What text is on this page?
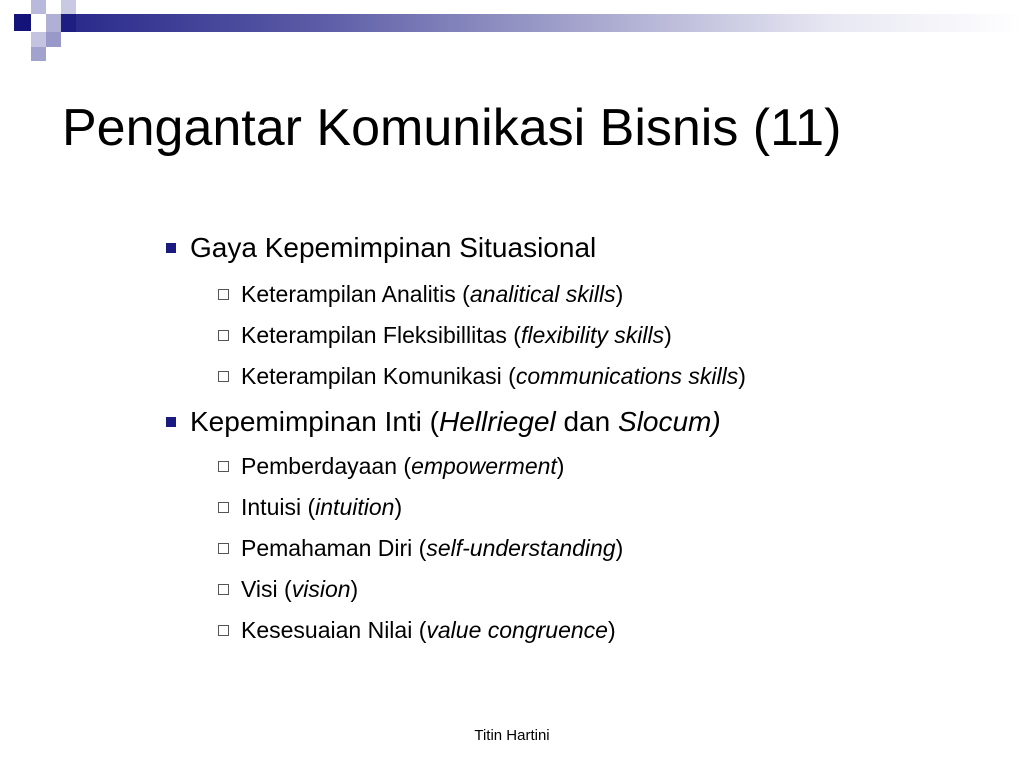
Pengantar Komunikasi Bisnis (11)
Gaya Kepemimpinan Situasional
Keterampilan Analitis (analitical skills)
Keterampilan Fleksibillitas (flexibility skills)
Keterampilan Komunikasi (communications skills)
Kepemimpinan Inti (Hellriegel dan Slocum)
Pemberdayaan (empowerment)
Intuisi (intuition)
Pemahaman Diri (self-understanding)
Visi (vision)
Kesesuaian Nilai (value congruence)
Titin Hartini
